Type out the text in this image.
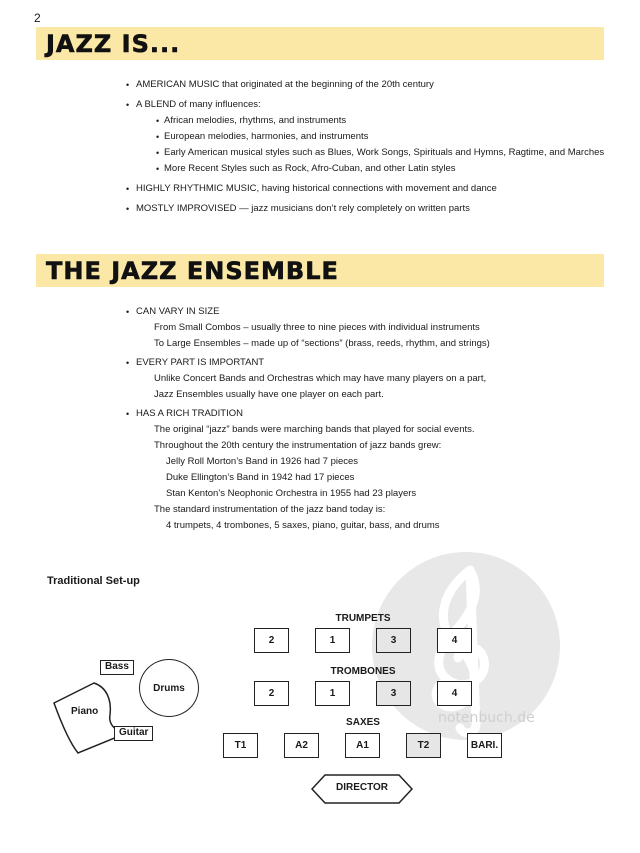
2
JAZZ IS...
• AMERICAN MUSIC that originated at the beginning of the 20th century
• A BLEND of many influences:
• African melodies, rhythms, and instruments
• European melodies, harmonies, and instruments
• Early American musical styles such as Blues, Work Songs, Spirituals and Hymns, Ragtime, and Marches
• More Recent Styles such as Rock, Afro-Cuban, and other Latin styles
• HIGHLY RHYTHMIC MUSIC, having historical connections with movement and dance
• MOSTLY IMPROVISED — jazz musicians don’t rely completely on written parts
THE JAZZ ENSEMBLE
• CAN VARY IN SIZE
From Small Combos – usually three to nine pieces with individual instruments
To Large Ensembles – made up of “sections” (brass, reeds, rhythm, and strings)
• EVERY PART IS IMPORTANT
Unlike Concert Bands and Orchestras which may have many players on a part,
Jazz Ensembles usually have one player on each part.
• HAS A RICH TRADITION
The original “jazz” bands were marching bands that played for social events.
Throughout the 20th century the instrumentation of jazz bands grew:
Jelly Roll Morton’s Band in 1926 had 7 pieces
Duke Ellington’s Band in 1942 had 17 pieces
Stan Kenton’s Neophonic Orchestra in 1955 had 23 players
The standard instrumentation of the jazz band today is:
4 trumpets, 4 trombones, 5 saxes, piano, guitar, bass, and drums
Traditional Set-up
notenbuch.de
TRUMPETS
2	1	3	4
TROMBONES
2	1	3	4
SAXES
T1	A2	A1	T2	BARI.
Bass
Drums
Piano
Guitar
DIRECTOR
